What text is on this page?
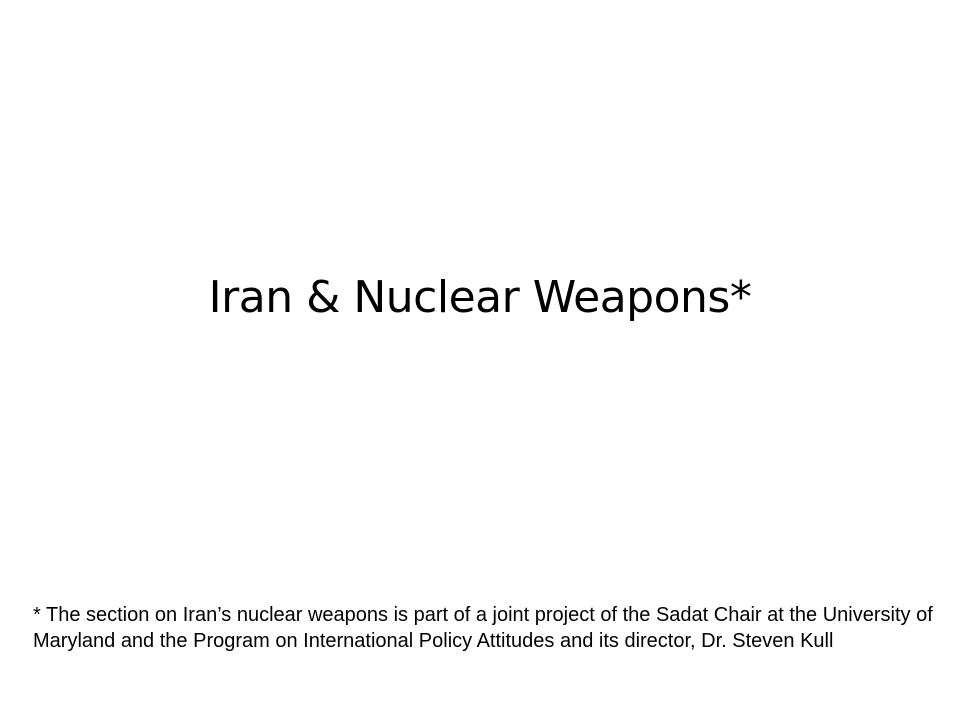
Iran & Nuclear Weapons*

* The section on Iran’s nuclear weapons is part of a joint project of the Sadat Chair at the University of Maryland and the Program on International Policy Attitudes and its director, Dr. Steven Kull
